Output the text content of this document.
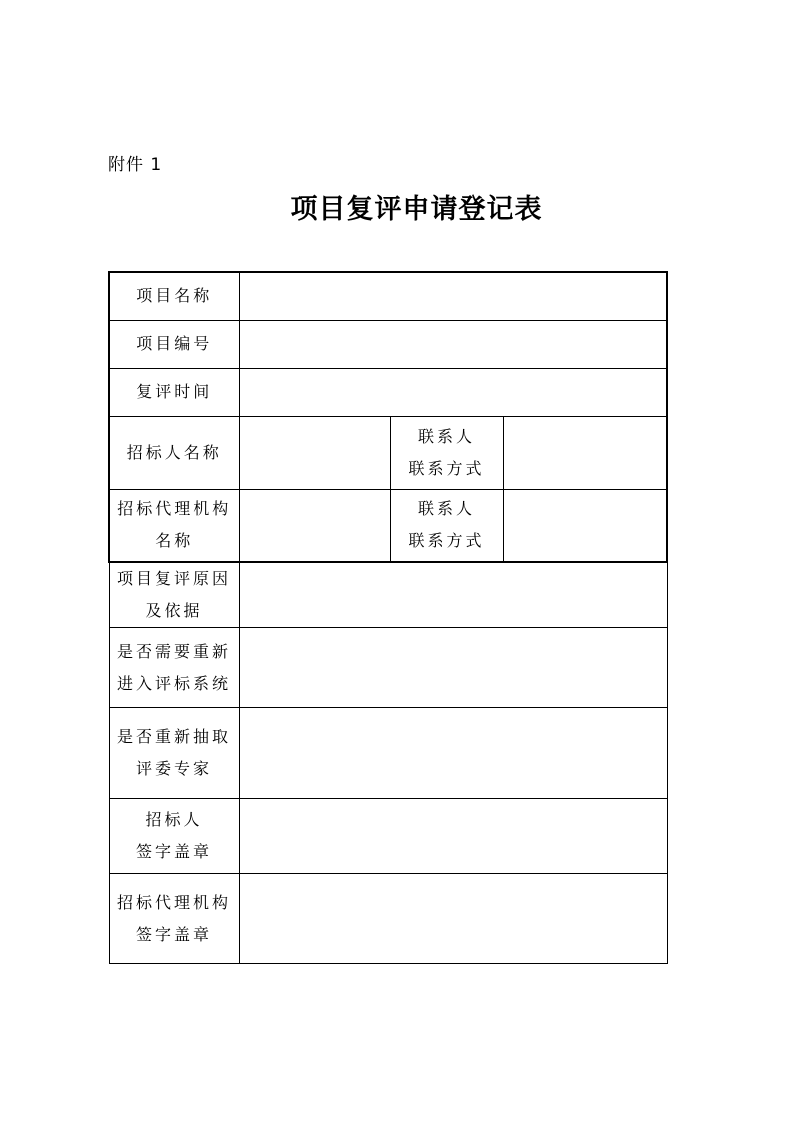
附件 1
项目复评申请登记表
项目名称			
项目编号			
复评时间			
招标人名称		联系人
联系方式	

招标代理机构
名称		联系人
联系方式	

项目复评原因
及依据			

是否需要重新
进入评标系统			

是否重新抽取
评委专家			

招标人
签字盖章			

招标代理机构
签字盖章			
